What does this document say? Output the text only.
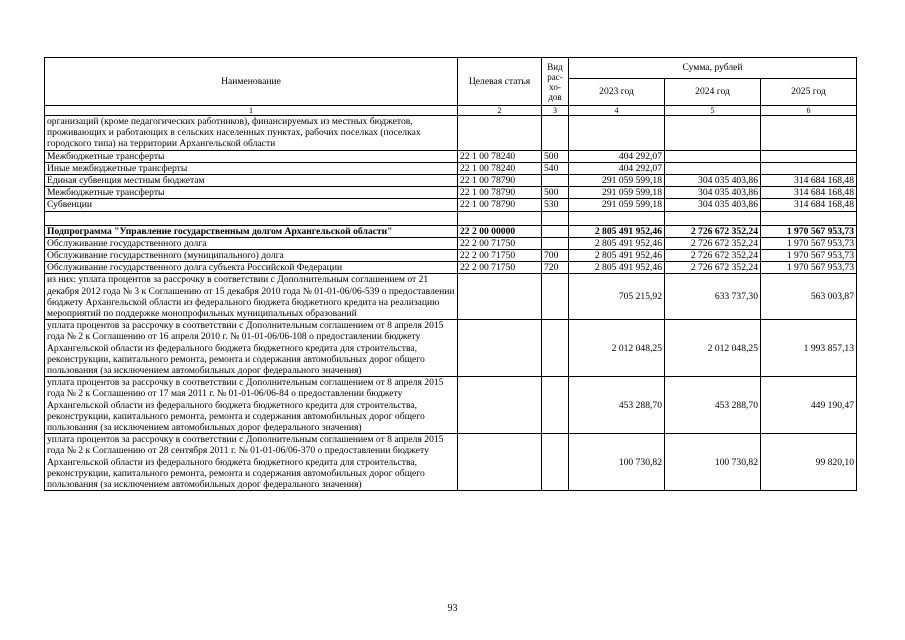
Наименование	Целевая статья	Вид рас- хо- дов	Сумма, рублей		
			2023 год	2024 год	2025 год
1	2	3	4	5	6
организаций (кроме педагогических работников), финансируемых из местных бюджетов, проживающих и работающих в сельских населенных пунктах, рабочих поселках (поселках городского типа) на территории Архангельской области					
Межбюджетные трансферты	22 1 00 78240	500	404 292,07		
Иные межбюджетные трансферты	22 1 00 78240	540	404 292,07		
Единая субвенция местным бюджетам	22 1 00 78790		291 059 599,18	304 035 403,86	314 684 168,48
Межбюджетные трансферты	22 1 00 78790	500	291 059 599,18	304 035 403,86	314 684 168,48
Субвенции	22 1 00 78790	530	291 059 599,18	304 035 403,86	314 684 168,48

Подпрограмма "Управление государственным долгом Архангельской области"	22 2 00 00000		2 805 491 952,46	2 726 672 352,24	1 970 567 953,73
Обслуживание государственного долга	22 2 00 71750		2 805 491 952,46	2 726 672 352,24	1 970 567 953,73
Обслуживание государственного (муниципального) долга	22 2 00 71750	700	2 805 491 952,46	2 726 672 352,24	1 970 567 953,73
Обслуживание государственного долга субъекта Российской Федерации	22 2 00 71750	720	2 805 491 952,46	2 726 672 352,24	1 970 567 953,73
из них: уплата процентов за рассрочку в соответствии с Дополнительным соглашением от 21 декабря 2012 года № 3 к Соглашению от 15 декабря 2010 года № 01-01-06/06-539 о предоставлении бюджету Архангельской области из федерального бюджета бюджетного кредита на реализацию мероприятий по поддержке монопрофильных муниципальных образований			705 215,92	633 737,30	563 003,87
уплата процентов за рассрочку в соответствии с Дополнительным соглашением от 8 апреля 2015 года № 2 к Соглашению от 16 апреля 2010 г. № 01-01-06/06-108 о предоставлении бюджету Архангельской области из федерального бюджета бюджетного кредита для строительства, реконструкции, капитального ремонта, ремонта и содержания автомобильных дорог общего пользования (за исключением автомобильных дорог федерального значения)			2 012 048,25	2 012 048,25	1 993 857,13
уплата процентов за рассрочку в соответствии с Дополнительным соглашением от 8 апреля 2015 года № 2 к Соглашению от 17 мая 2011 г. № 01-01-06/06-84 о предоставлении бюджету Архангельской области из федерального бюджета бюджетного кредита для строительства, реконструкции, капитального ремонта, ремонта и содержания автомобильных дорог общего пользования (за исключением автомобильных дорог федерального значения)			453 288,70	453 288,70	449 190,47
уплата процентов за рассрочку в соответствии с Дополнительным соглашением от 8 апреля 2015 года № 2 к Соглашению от 28 сентября 2011 г. № 01-01-06/06-370 о предоставлении бюджету Архангельской области из федерального бюджета бюджетного кредита для строительства, реконструкции, капитального ремонта, ремонта и содержания автомобильных дорог общего пользования (за исключением автомобильных дорог федерального значения)			100 730,82	100 730,82	99 820,10
93
